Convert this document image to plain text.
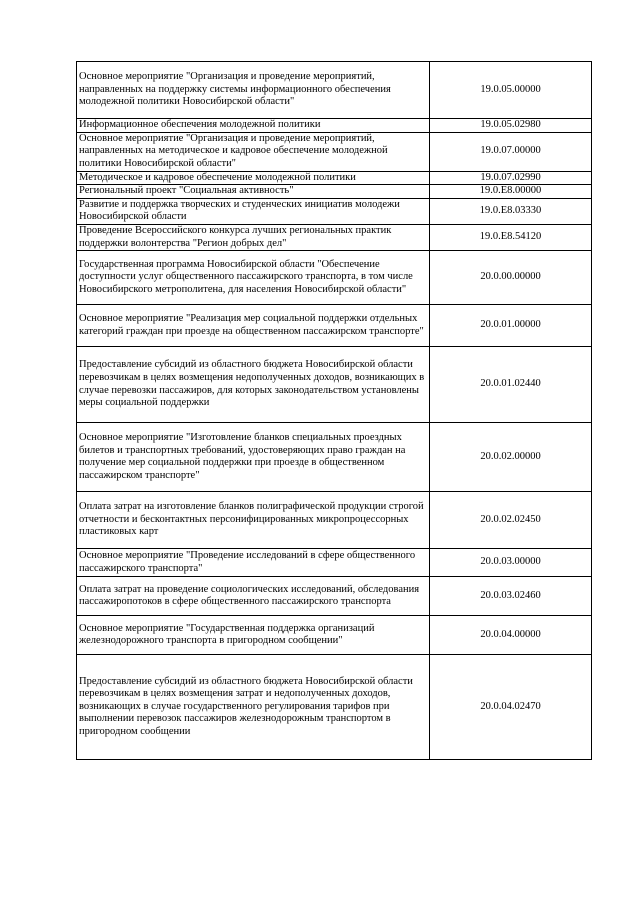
Основное мероприятие "Организация и проведение мероприятий, направленных на поддержку системы информационного обеспечения молодежной политики Новосибирской области"	19.0.05.00000
Информационное обеспечения молодежной политики	19.0.05.02980
Основное мероприятие "Организация и проведение мероприятий, направленных на методическое и кадровое обеспечение молодежной политики Новосибирской области"	19.0.07.00000
Методическое и кадровое обеспечение молодежной политики	19.0.07.02990
Региональный проект "Социальная активность"	19.0.E8.00000
Развитие и поддержка творческих и студенческих инициатив молодежи Новосибирской области	19.0.E8.03330
Проведение Всероссийского конкурса лучших региональных практик поддержки волонтерства "Регион добрых дел"	19.0.E8.54120
Государственная программа Новосибирской области "Обеспечение доступности услуг общественного пассажирского транспорта, в том числе Новосибирского метрополитена, для населения Новосибирской области"	20.0.00.00000
Основное мероприятие "Реализация мер социальной поддержки отдельных категорий граждан при проезде на общественном пассажирском транспорте"	20.0.01.00000
Предоставление субсидий из областного бюджета Новосибирской области перевозчикам в целях возмещения недополученных доходов, возникающих в случае перевозки пассажиров, для которых законодательством установлены меры социальной поддержки	20.0.01.02440
Основное мероприятие "Изготовление бланков специальных проездных билетов и транспортных требований, удостоверяющих право граждан на получение мер социальной поддержки при проезде в общественном пассажирском транспорте"	20.0.02.00000
Оплата затрат на изготовление бланков полиграфической продукции строгой отчетности и бесконтактных персонифицированных микропроцессорных пластиковых карт	20.0.02.02450
Основное мероприятие "Проведение исследований в сфере общественного пассажирского транспорта"	20.0.03.00000
Оплата затрат на проведение социологических исследований, обследования пассажиропотоков в сфере общественного пассажирского транспорта	20.0.03.02460
Основное мероприятие "Государственная поддержка организаций железнодорожного транспорта в пригородном сообщении"	20.0.04.00000
Предоставление субсидий из областного бюджета Новосибирской области перевозчикам в целях возмещения затрат и недополученных доходов, возникающих в случае государственного регулирования тарифов при выполнении перевозок пассажиров железнодорожным транспортом в пригородном сообщении	20.0.04.02470
